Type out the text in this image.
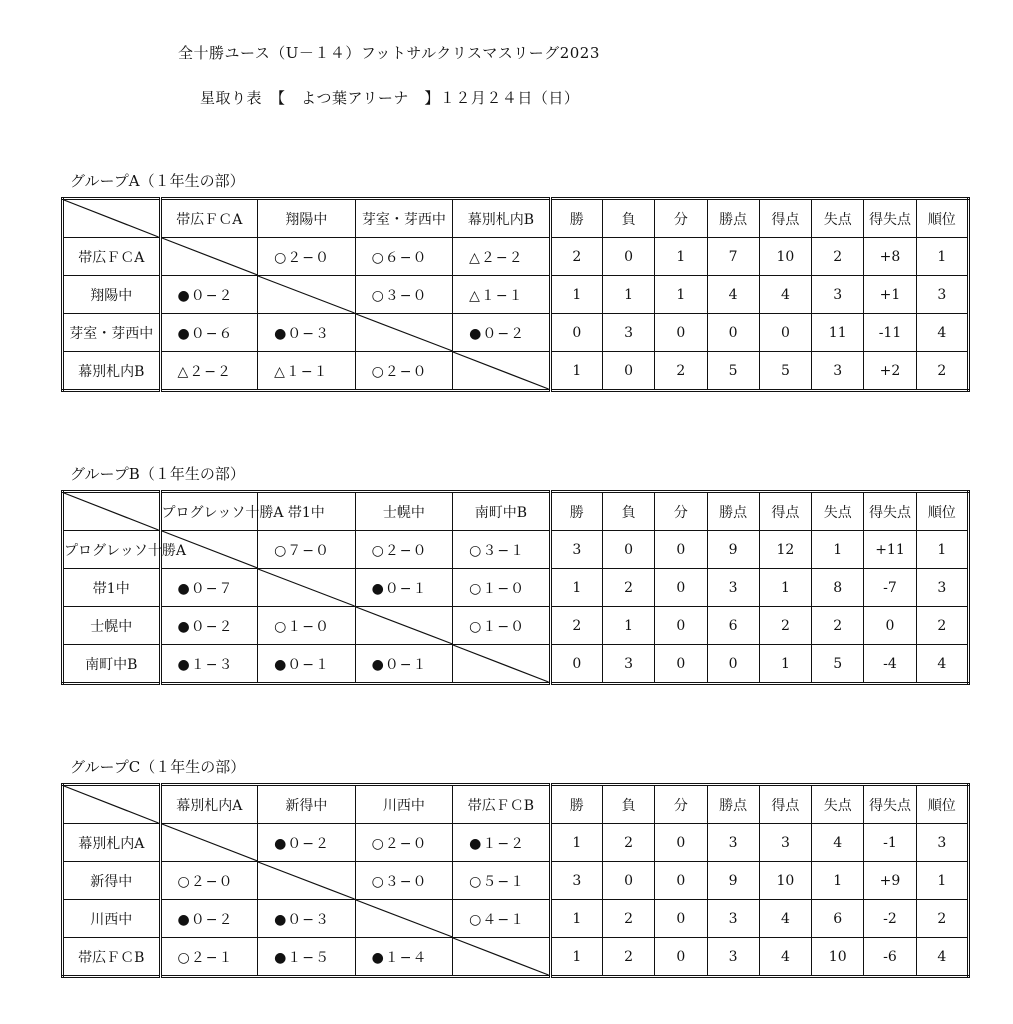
全十勝ユース（U－１４）フットサルクリスマスリーグ2023
星取り表　【　よつ葉アリーナ　】１２月２４日（日）
グループA（１年生の部）
	帯広ＦＣA	翔陽中	芽室・芽西中	幕別札内B	勝	負	分	勝点	得点	失点	得失点	順位
帯広ＦＣA		○２−０	○６−０	△２−２	2	0	1	7	10	2	+8	1
翔陽中	●０−２		○３−０	△１−１	1	1	1	4	4	3	+1	3
芽室・芽西中	●０−６	●０−３		●０−２	0	3	0	0	0	11	-11	4
幕別札内B	△２−２	△１−１	○２−０		1	0	2	5	5	3	+2	2
グループB（１年生の部）
	プログレッソ十勝A	帯1中	士幌中	南町中B	勝	負	分	勝点	得点	失点	得失点	順位
プログレッソ十勝A		○７−０	○２−０	○３−１	3	0	0	9	12	1	+11	1
帯1中	●０−７		●０−１	○１−０	1	2	0	3	1	8	-7	3
士幌中	●０−２	○１−０		○１−０	2	1	0	6	2	2	0	2
南町中B	●１−３	●０−１	●０−１		0	3	0	0	1	5	-4	4
グループC（１年生の部）
	幕別札内A	新得中	川西中	帯広ＦＣB	勝	負	分	勝点	得点	失点	得失点	順位
幕別札内A		●０−２	○２−０	●１−２	1	2	0	3	3	4	-1	3
新得中	○２−０		○３−０	○５−１	3	0	0	9	10	1	+9	1
川西中	●０−２	●０−３		○４−１	1	2	0	3	4	6	-2	2
帯広ＦＣB	○２−１	●１−５	●１−４		1	2	0	3	4	10	-6	4
